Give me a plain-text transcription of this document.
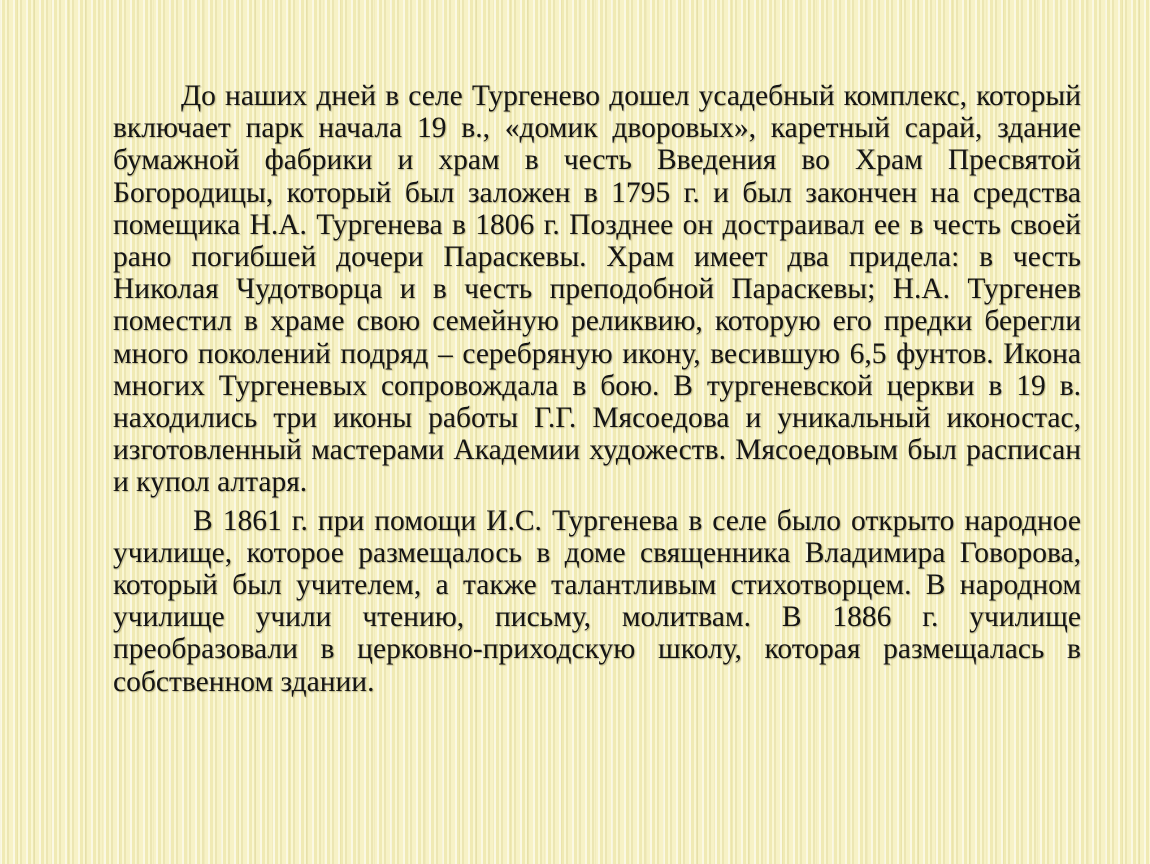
До наших дней в селе Тургенево дошел усадебный комплекс, который включает парк начала 19 в., «домик дворовых», каретный сарай, здание бумажной фабрики и храм в честь Введения во Храм Пресвятой Богородицы, который был заложен в 1795 г. и был закончен на средства помещика Н.А. Тургенева в 1806 г. Позднее он достраивал ее в честь своей рано погибшей дочери Параскевы. Храм имеет два придела: в честь Николая Чудотворца и в честь преподобной Параскевы; Н.А. Тургенев поместил в храме свою семейную реликвию, которую его предки берегли много поколений подряд – серебряную икону, весившую 6,5 фунтов. Икона многих Тургеневых сопровождала в бою. В тургеневской церкви в 19 в. находились три иконы работы Г.Г. Мясоедова и уникальный иконостас, изготовленный мастерами Академии художеств. Мясоедовым был расписан и купол алтаря.

В 1861 г. при помощи И.С. Тургенева в селе было открыто народное училище, которое размещалось в доме священника Владимира Говорова, который был учителем, а также талантливым стихотворцем. В народном училище учили чтению, письму, молитвам. В 1886 г. училище преобразовали в церковно-приходскую школу, которая размещалась в собственном здании.
